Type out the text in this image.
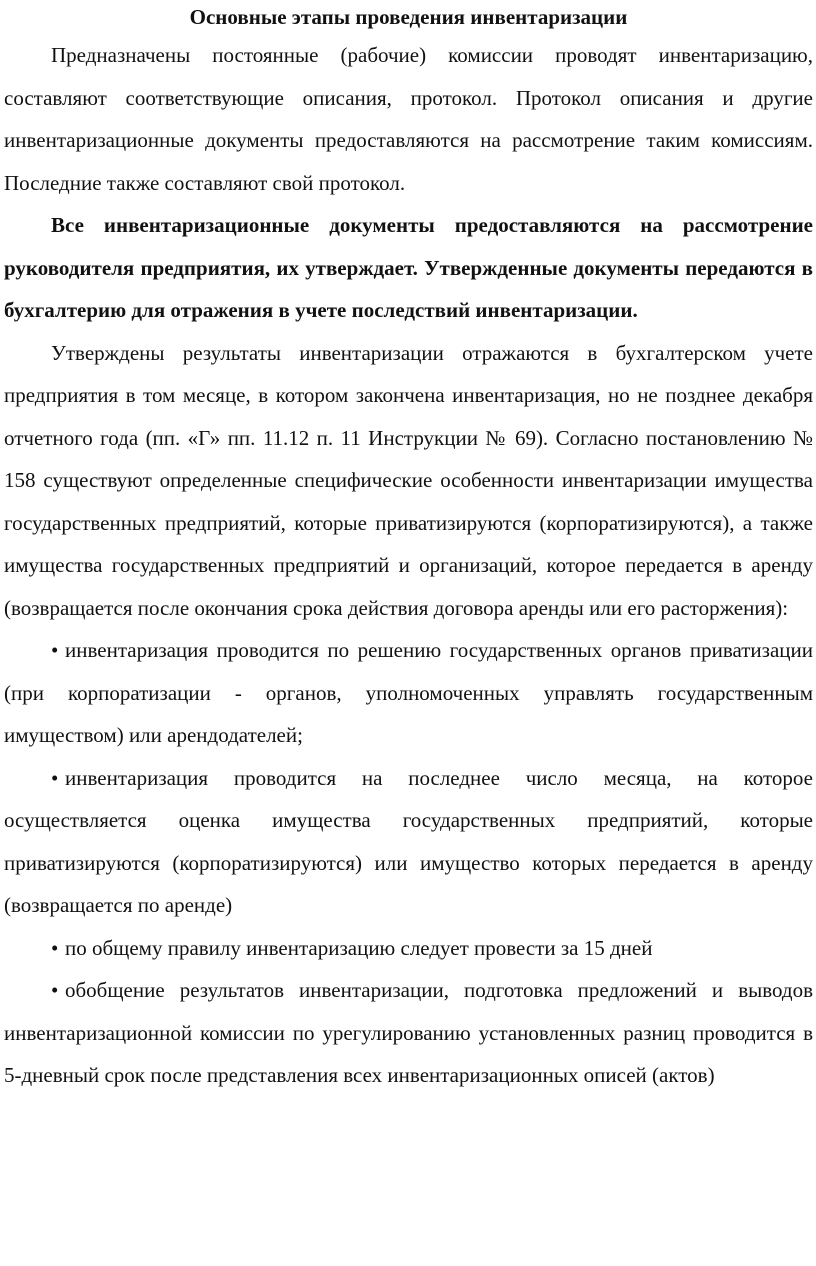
Основные этапы проведения инвентаризации

Предназначены постоянные (рабочие) комиссии проводят инвентаризацию, составляют соответствующие описания, протокол. Протокол описания и другие инвентаризационные документы предоставляются на рассмотрение таким комиссиям. Последние также составляют свой протокол.

Все инвентаризационные документы предоставляются на рассмотрение руководителя предприятия, их утверждает. Утвержденные документы передаются в бухгалтерию для отражения в учете последствий инвентаризации.

Утверждены результаты инвентаризации отражаются в бухгалтерском учете предприятия в том месяце, в котором закончена инвентаризация, но не позднее декабря отчетного года (пп. «Г» пп. 11.12 п. 11 Инструкции № 69). Согласно постановлению № 158 существуют определенные специфические особенности инвентаризации имущества государственных предприятий, которые приватизируются (корпоратизируются), а также имущества государственных предприятий и организаций, которое передается в аренду (возвращается после окончания срока действия договора аренды или его расторжения):

• инвентаризация проводится по решению государственных органов приватизации (при корпоратизации - органов, уполномоченных управлять государственным имуществом) или арендодателей;
• инвентаризация проводится на последнее число месяца, на которое осуществляется оценка имущества государственных предприятий, которые приватизируются (корпоратизируются) или имущество которых передается в аренду (возвращается по аренде)
• по общему правилу инвентаризацию следует провести за 15 дней
• обобщение результатов инвентаризации, подготовка предложений и выводов инвентаризационной комиссии по урегулированию установленных разниц проводится в 5-дневный срок после представления всех инвентаризационных описей (актов)
